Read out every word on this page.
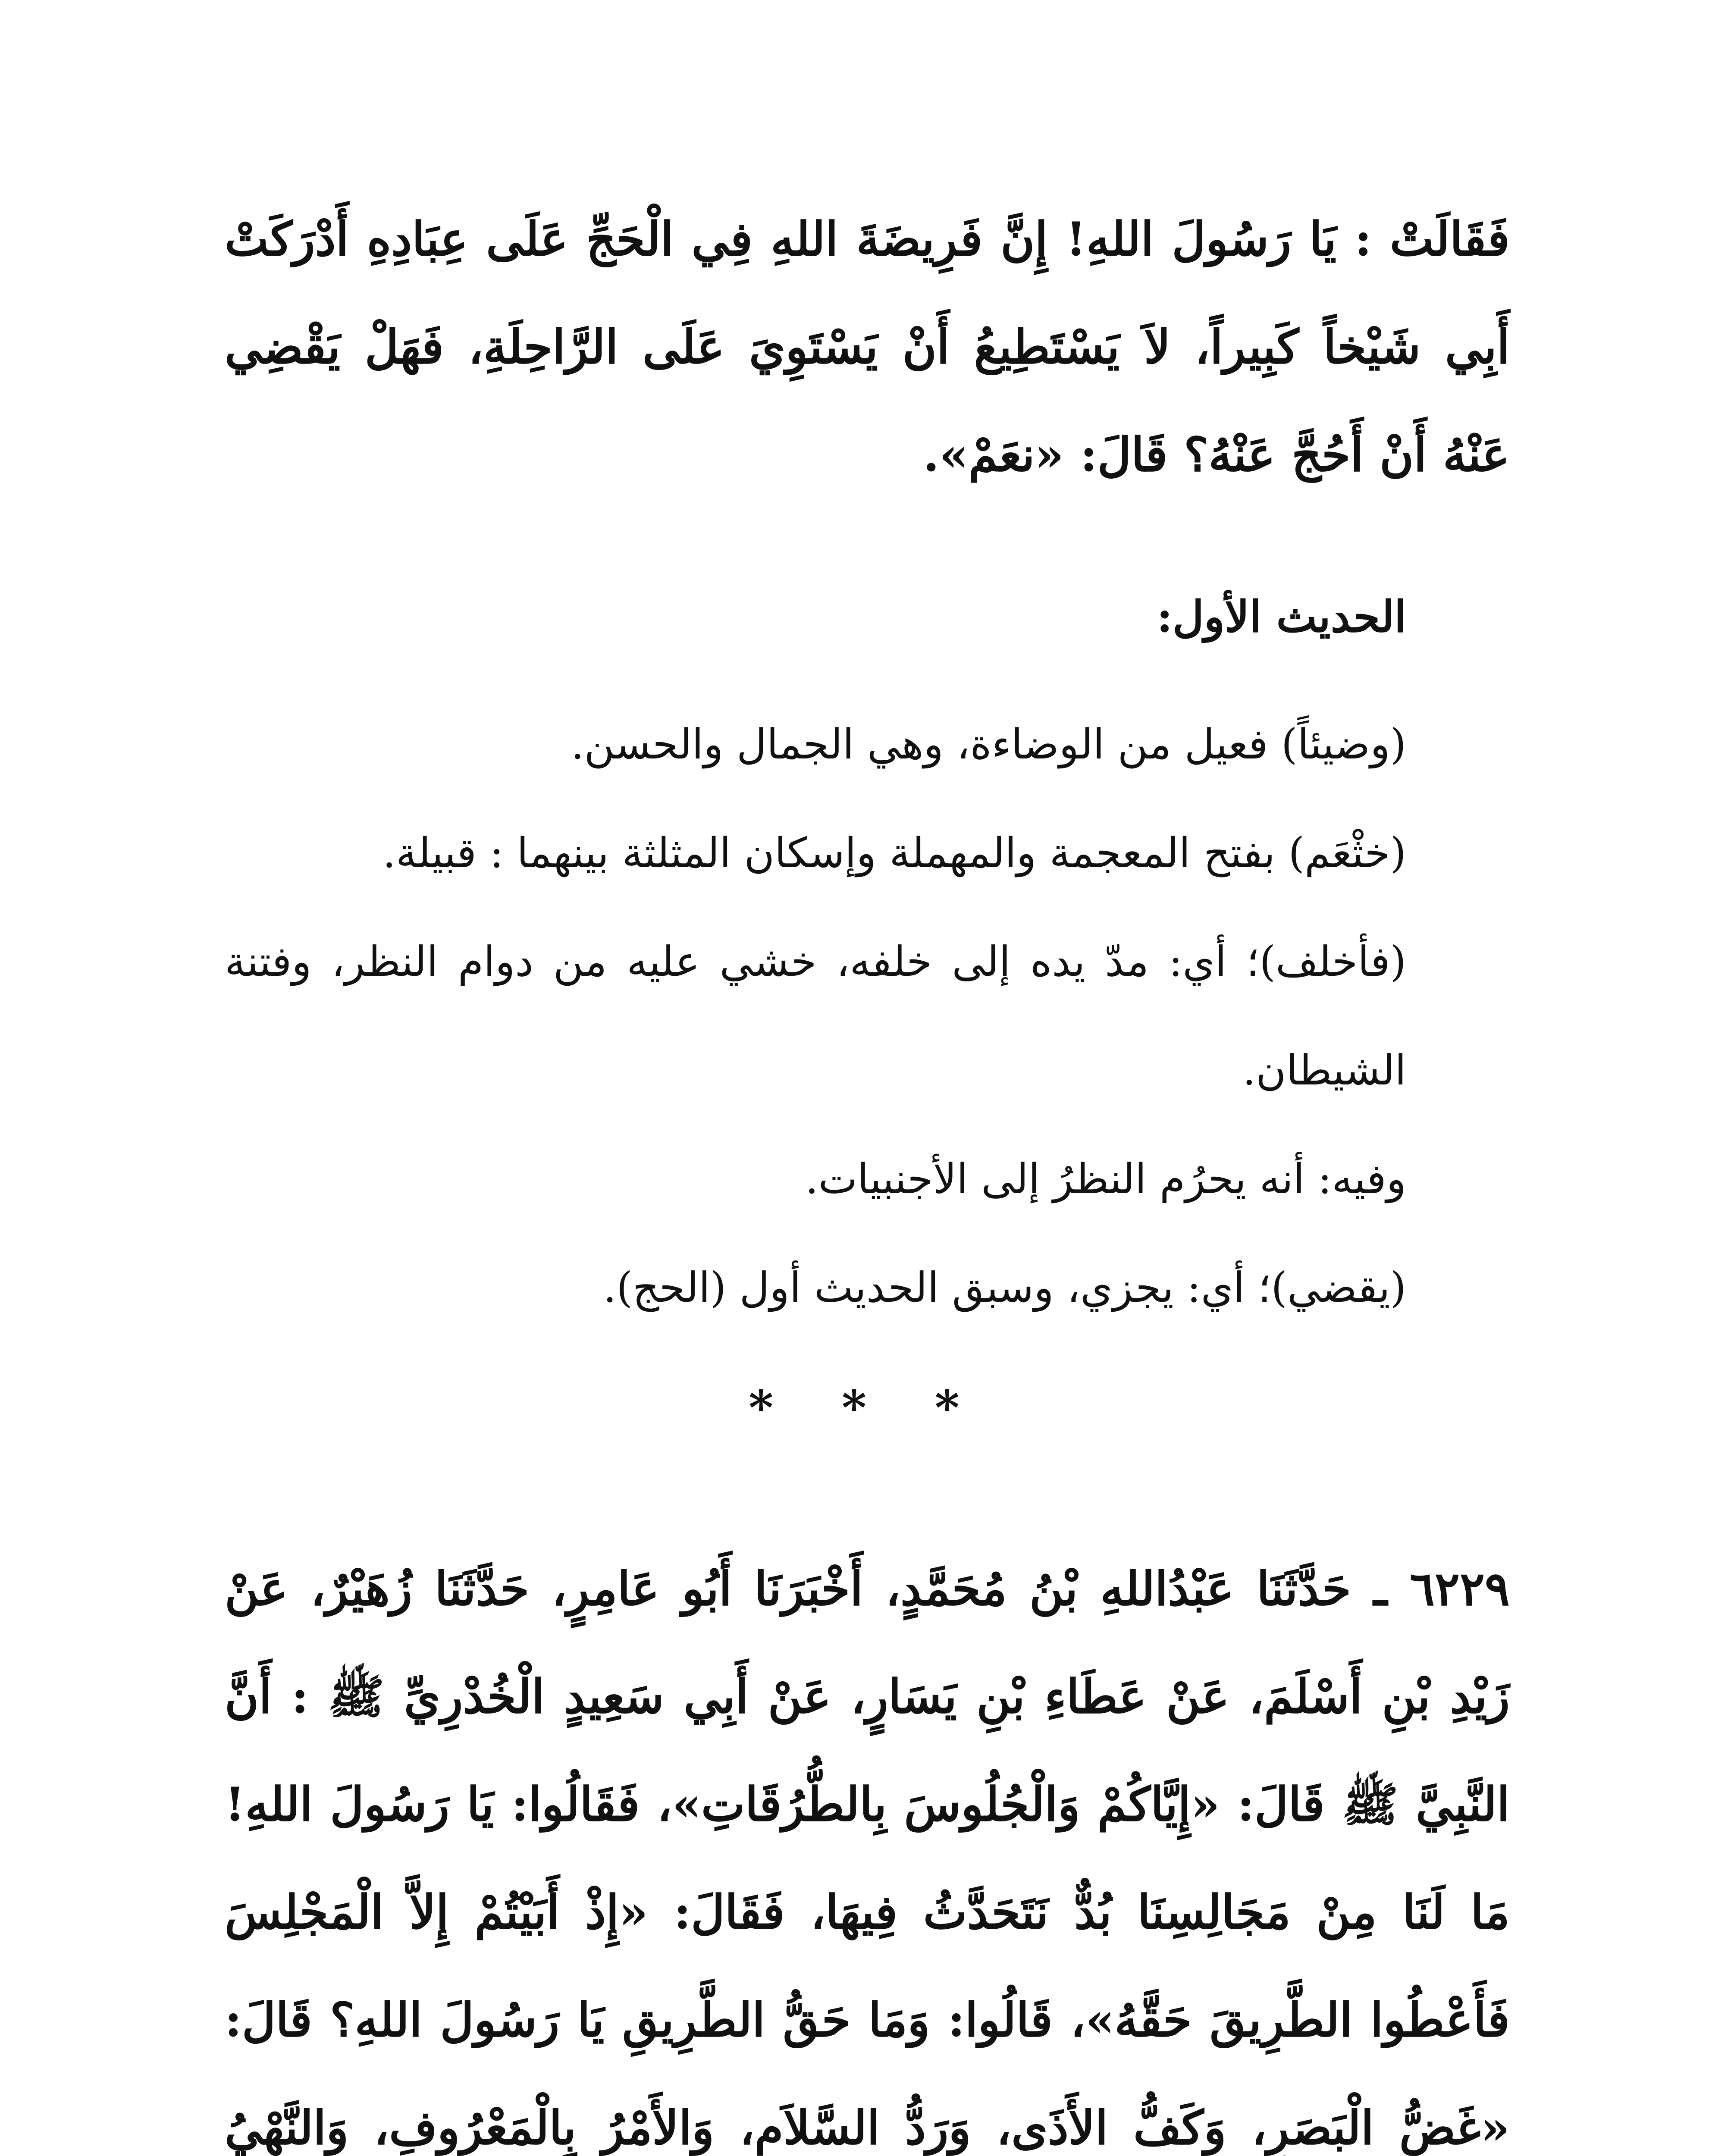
فَقَالَتْ : يَا رَسُولَ اللهِ! إِنَّ فَرِيضَةَ اللهِ فِي الْحَجِّ عَلَى عِبَادِهِ أَدْرَكَتْ أَبِي شَيْخاً كَبِيراً، لاَ يَسْتَطِيعُ أَنْ يَسْتَوِيَ عَلَى الرَّاحِلَةِ، فَهَلْ يَقْضِي عَنْهُ أَنْ أَحُجَّ عَنْهُ؟ قَالَ: «نعَمْ».
الحديث الأول:
(وضيئاً) فعيل من الوضاءة، وهي الجمال والحسن.
(خثْعَم) بفتح المعجمة والمهملة وإسكان المثلثة بينهما : قبيلة.
(فأخلف)؛ أي: مدّ يده إلى خلفه، خشي عليه من دوام النظر، وفتنة الشيطان.
وفيه: أنه يحرُم النظرُ إلى الأجنبيات.
(يقضي)؛ أي: يجزي، وسبق الحديث أول (الحج).
* * *
٦٢٢٩ ـ حَدَّثَنَا عَبْدُاللهِ بْنُ مُحَمَّدٍ، أَخْبَرَنَا أَبُو عَامِرٍ، حَدَّثَنَا زُهَيْرٌ، عَنْ زَيْدِ بْنِ أَسْلَمَ، عَنْ عَطَاءِ بْنِ يَسَارٍ، عَنْ أَبِي سَعِيدٍ الْخُدْرِيِّ ﷺ : أَنَّ النَّبِيَّ ﷺ قَالَ: «إِيَّاكُمْ وَالْجُلُوسَ بِالطُّرُقَاتِ»، فَقَالُوا: يَا رَسُولَ اللهِ! مَا لَنَا مِنْ مَجَالِسِنَا بُدٌّ نَتَحَدَّثُ فِيهَا، فَقَالَ: «إِذْ أَبَيْتُمْ إِلاَّ الْمَجْلِسَ فَأَعْطُوا الطَّرِيقَ حَقَّهُ»، قَالُوا: وَمَا حَقُّ الطَّرِيقِ يَا رَسُولَ اللهِ؟ قَالَ: «غَضُّ الْبَصَرِ، وَكَفُّ الأَذَى، وَرَدُّ السَّلاَمِ، وَالأَمْرُ بِالْمَعْرُوفِ، وَالنَّهْيُ
